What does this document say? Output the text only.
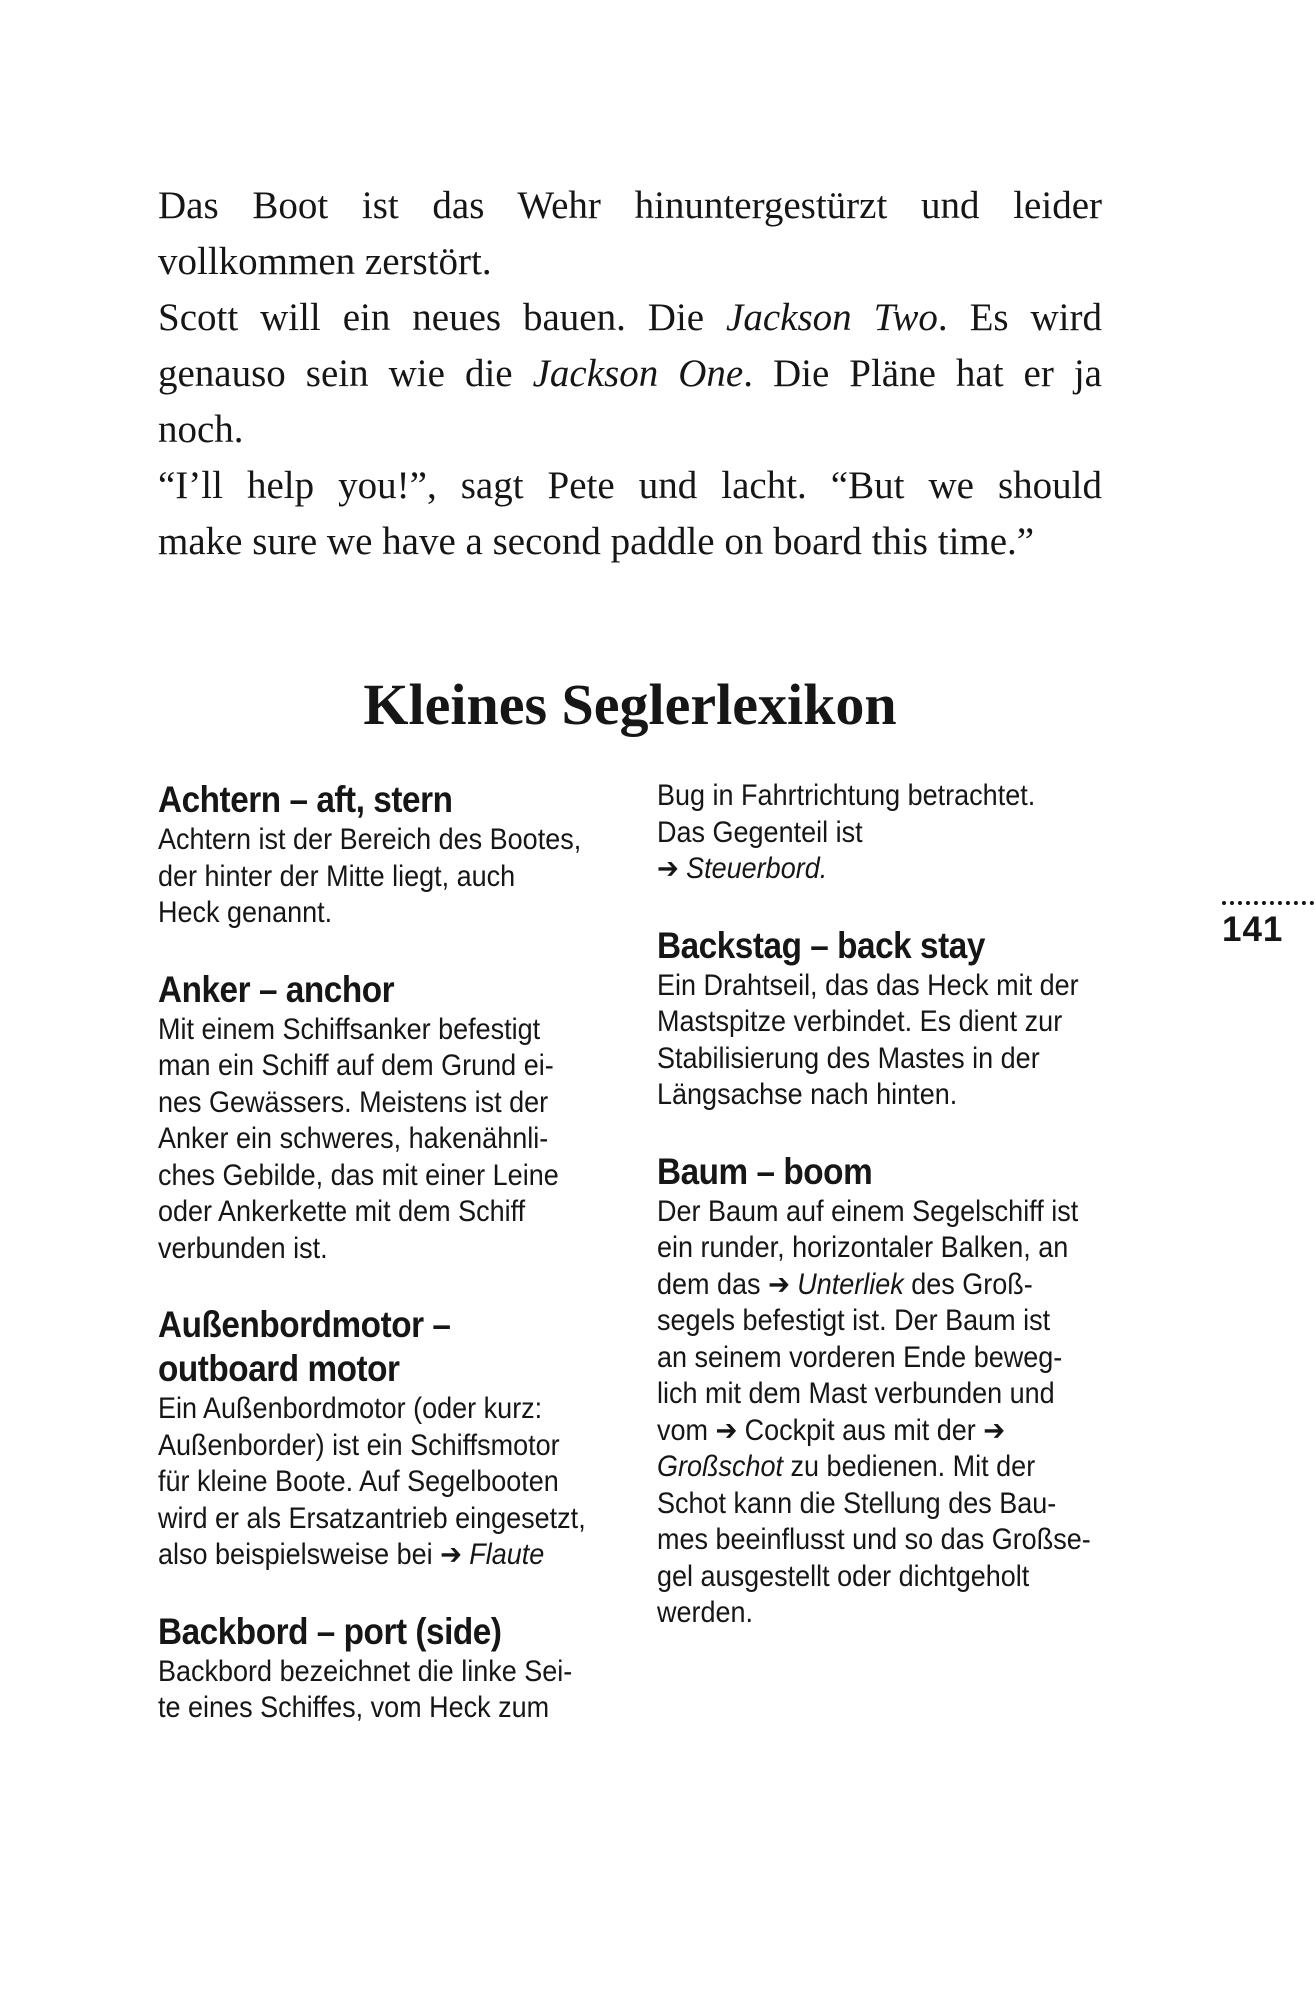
Das Boot ist das Wehr hinuntergestürzt und leider
vollkommen zerstört.
Scott will ein neues bauen. Die Jackson Two. Es wird
genauso sein wie die Jackson One. Die Pläne hat er ja
noch.
“I’ll help you!”, sagt Pete und lacht. “But we should
make sure we have a second paddle on board this time.”
Kleines Seglerlexikon
Achtern – aft, stern
Achtern ist der Bereich des Bootes,
der hinter der Mitte liegt, auch
Heck genannt.
Anker – anchor
Mit einem Schiffsanker befestigt
man ein Schiff auf dem Grund ei-
nes Gewässers. Meistens ist der
Anker ein schweres, hakenähnli-
ches Gebilde, das mit einer Leine
oder Ankerkette mit dem Schiff
verbunden ist.
Außenbordmotor –
outboard motor
Ein Außenbordmotor (oder kurz:
Außenborder) ist ein Schiffsmotor
für kleine Boote. Auf Segelbooten
wird er als Ersatzantrieb eingesetzt,
also beispielsweise bei ➔ Flaute
Backbord – port (side)
Backbord bezeichnet die linke Sei-
te eines Schiffes, vom Heck zum
Bug in Fahrtrichtung betrachtet.
Das Gegenteil ist
➔ Steuerbord.
Backstag – back stay
Ein Drahtseil, das das Heck mit der
Mastspitze verbindet. Es dient zur
Stabilisierung des Mastes in der
Längsachse nach hinten.
Baum – boom
Der Baum auf einem Segelschiff ist
ein runder, horizontaler Balken, an
dem das ➔ Unterliek des Groß-
segels befestigt ist. Der Baum ist
an seinem vorderen Ende beweg-
lich mit dem Mast verbunden und
vom ➔ Cockpit aus mit der ➔
Großschot zu bedienen. Mit der
Schot kann die Stellung des Bau-
mes beeinflusst und so das Großse-
gel ausgestellt oder dichtgeholt
werden.
141
